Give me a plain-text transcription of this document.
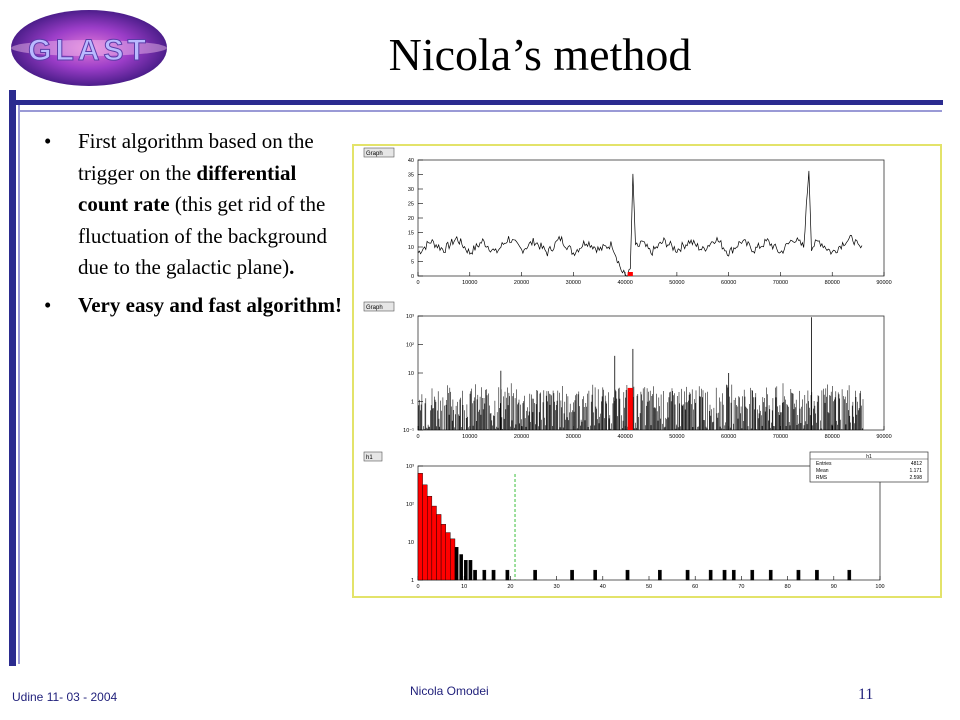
GLAST	Nicola’s method
• First algorithm based on the trigger on the differential count rate (this get rid of the fluctuation of the background due to the galactic plane).
• Very easy and fast algorithm!
Graph
0	10000	20000	30000	40000	50000	60000	70000	80000	90000
0
5
10
15
20
25
30
35
40
Graph
0	10000	20000	30000	40000	50000	60000	70000	80000	90000
10⁻¹
1
10
10²
10³
h1
0	10	20	30	40	50	60	70	80	90	100
1
10
10²
10³
h1
Entries	4812
Mean	1.171
RMS	2.598
Udine 11- 03 - 2004	Nicola Omodei	11
